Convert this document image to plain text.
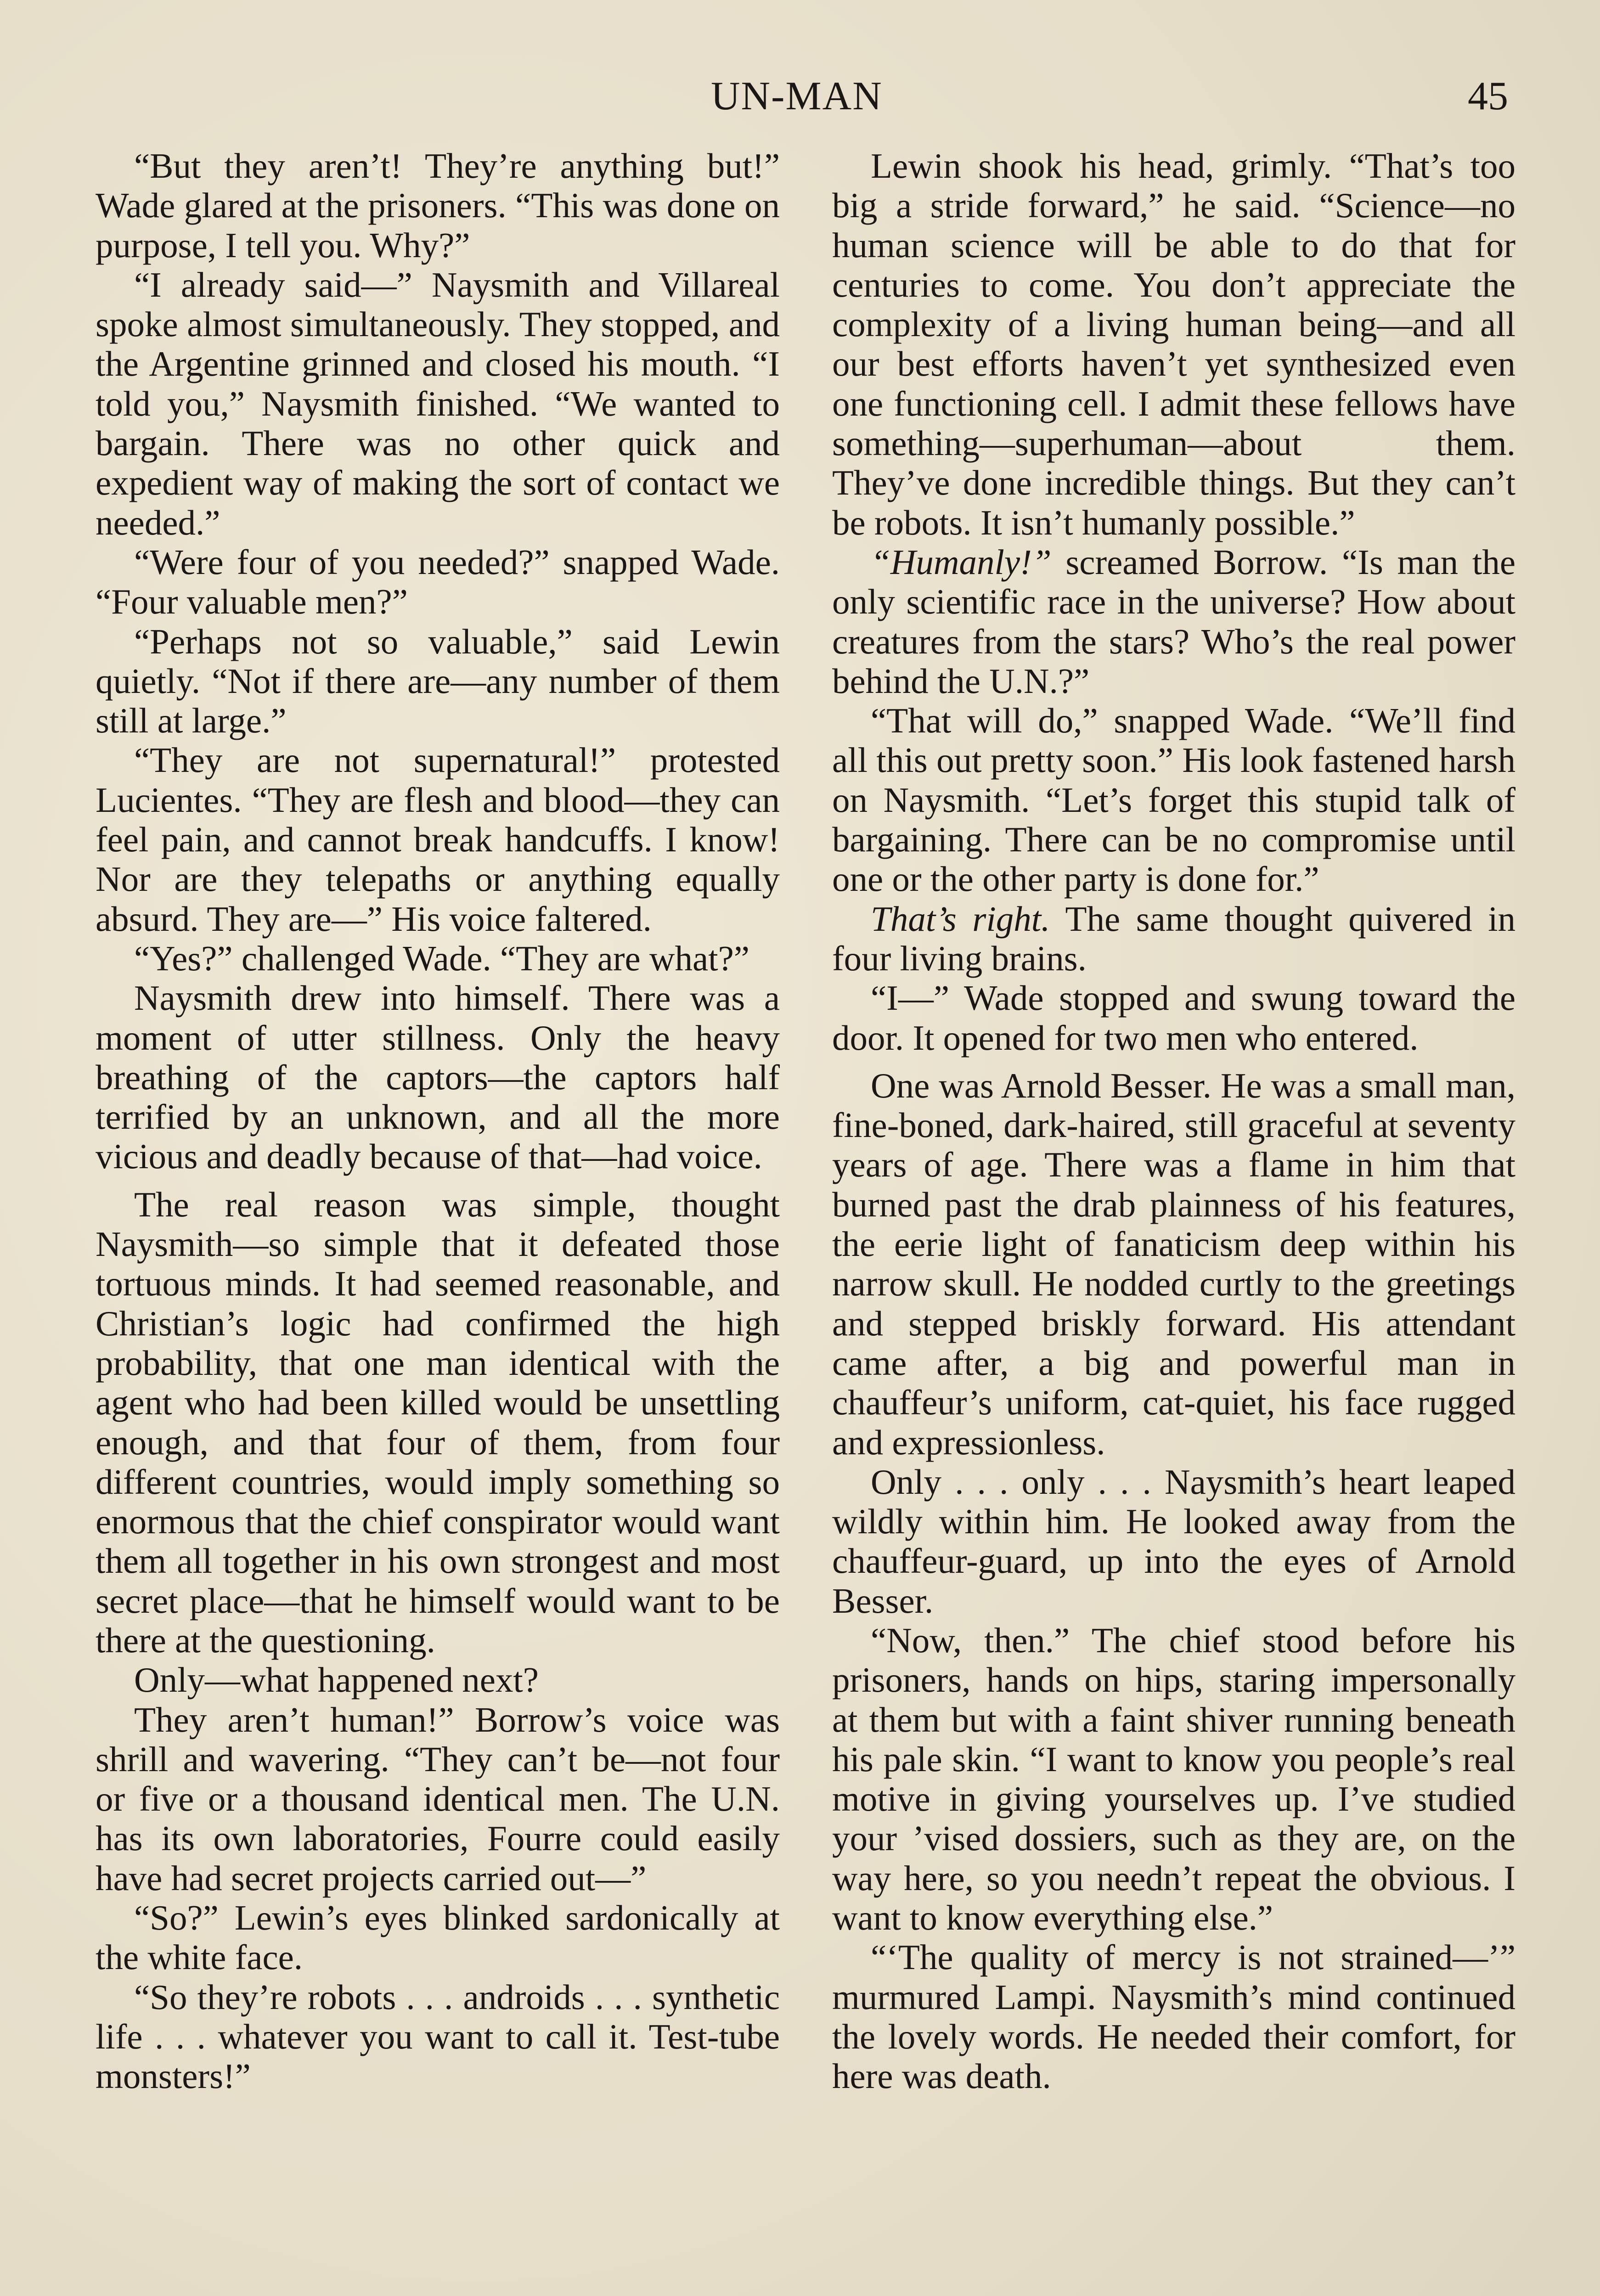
UN-MAN	45

“But they aren’t! They’re anything but!” Wade glared at the prisoners. “This was done on purpose, I tell you. Why?”

“I already said—” Naysmith and Villareal spoke almost simultaneously. They stopped, and the Argentine grinned and closed his mouth. “I told you,” Naysmith finished. “We wanted to bargain. There was no other quick and expedient way of making the sort of contact we needed.”

“Were four of you needed?” snapped Wade. “Four valuable men?”

“Perhaps not so valuable,” said Lewin quietly. “Not if there are—any number of them still at large.”

“They are not supernatural!” protested Lucientes. “They are flesh and blood—they can feel pain, and cannot break handcuffs. I know! Nor are they telepaths or anything equally absurd. They are—” His voice faltered.

“Yes?” challenged Wade. “They are what?”

Naysmith drew into himself. There was a moment of utter stillness. Only the heavy breathing of the captors—the captors half terrified by an unknown, and all the more vicious and deadly because of that—had voice.

The real reason was simple, thought Naysmith—so simple that it defeated those tortuous minds. It had seemed reasonable, and Christian’s logic had confirmed the high probability, that one man identical with the agent who had been killed would be unsettling enough, and that four of them, from four different countries, would imply something so enormous that the chief conspirator would want them all together in his own strongest and most secret place—that he himself would want to be there at the questioning.

Only—what happened next?

They aren’t human!” Borrow’s voice was shrill and wavering. “They can’t be—not four or five or a thousand identical men. The U.N. has its own laboratories, Fourre could easily have had secret projects carried out—”

“So?” Lewin’s eyes blinked sardonically at the white face.

“So they’re robots . . . androids . . . synthetic life . . . whatever you want to call it. Test-tube monsters!”

Lewin shook his head, grimly. “That’s too big a stride forward,” he said. “Science—no human science will be able to do that for centuries to come. You don’t appreciate the complexity of a living human being—and all our best efforts haven’t yet synthesized even one functioning cell. I admit these fellows have something—superhuman—about them. They’ve done incredible things. But they can’t be robots. It isn’t humanly possible.”

“Humanly!” screamed Borrow. “Is man the only scientific race in the universe? How about creatures from the stars? Who’s the real power behind the U.N.?”

“That will do,” snapped Wade. “We’ll find all this out pretty soon.” His look fastened harsh on Naysmith. “Let’s forget this stupid talk of bargaining. There can be no compromise until one or the other party is done for.”

That’s right. The same thought quivered in four living brains.

“I—” Wade stopped and swung toward the door. It opened for two men who entered.

One was Arnold Besser. He was a small man, fine-boned, dark-haired, still graceful at seventy years of age. There was a flame in him that burned past the drab plainness of his features, the eerie light of fanaticism deep within his narrow skull. He nodded curtly to the greetings and stepped briskly forward. His attendant came after, a big and powerful man in chauffeur’s uniform, cat-quiet, his face rugged and expressionless.

Only . . . only . . . Naysmith’s heart leaped wildly within him. He looked away from the chauffeur-guard, up into the eyes of Arnold Besser.

“Now, then.” The chief stood before his prisoners, hands on hips, staring impersonally at them but with a faint shiver running beneath his pale skin. “I want to know you people’s real motive in giving yourselves up. I’ve studied your ’vised dossiers, such as they are, on the way here, so you needn’t repeat the obvious. I want to know everything else.”

“‘The quality of mercy is not strained—’” murmured Lampi. Naysmith’s mind continued the lovely words. He needed their comfort, for here was death.
